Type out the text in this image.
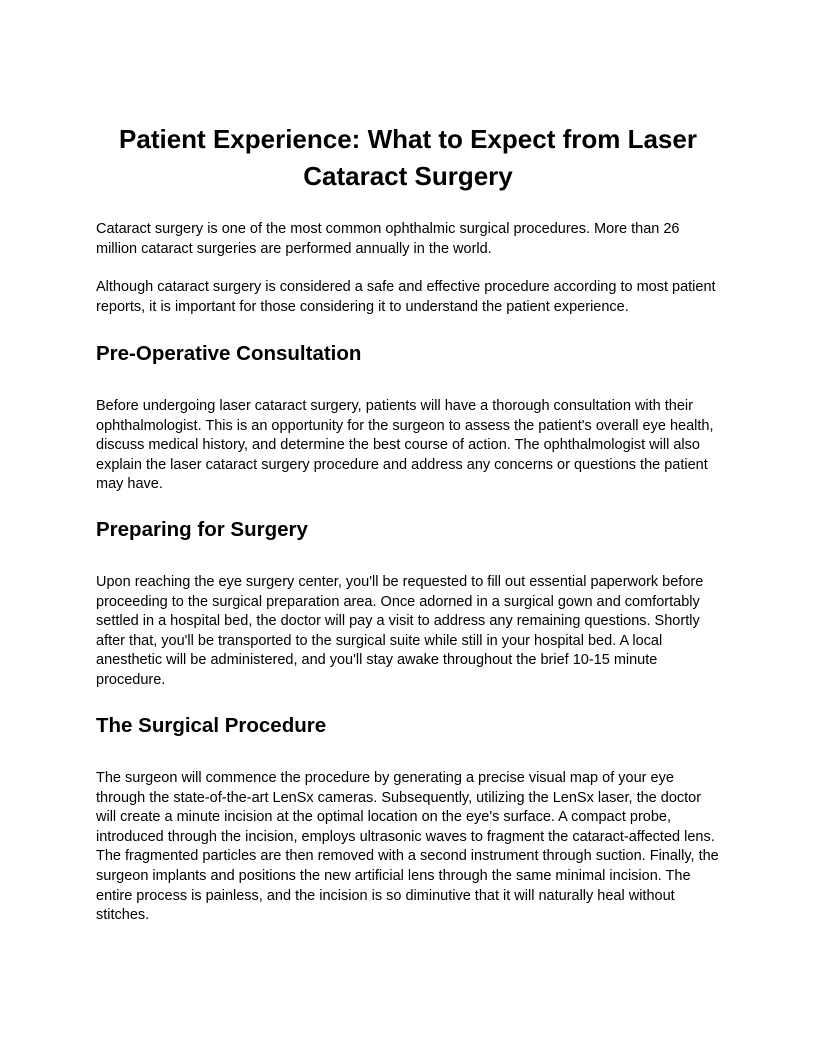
Patient Experience: What to Expect from Laser Cataract Surgery

Cataract surgery is one of the most common ophthalmic surgical procedures. More than 26 million cataract surgeries are performed annually in the world.

Although cataract surgery is considered a safe and effective procedure according to most patient reports, it is important for those considering it to understand the patient experience.

Pre-Operative Consultation

Before undergoing laser cataract surgery, patients will have a thorough consultation with their ophthalmologist. This is an opportunity for the surgeon to assess the patient's overall eye health, discuss medical history, and determine the best course of action. The ophthalmologist will also explain the laser cataract surgery procedure and address any concerns or questions the patient may have.

Preparing for Surgery

Upon reaching the eye surgery center, you'll be requested to fill out essential paperwork before proceeding to the surgical preparation area. Once adorned in a surgical gown and comfortably settled in a hospital bed, the doctor will pay a visit to address any remaining questions. Shortly after that, you'll be transported to the surgical suite while still in your hospital bed. A local anesthetic will be administered, and you'll stay awake throughout the brief 10-15 minute procedure.

The Surgical Procedure

The surgeon will commence the procedure by generating a precise visual map of your eye through the state-of-the-art LenSx cameras. Subsequently, utilizing the LenSx laser, the doctor will create a minute incision at the optimal location on the eye's surface. A compact probe, introduced through the incision, employs ultrasonic waves to fragment the cataract-affected lens. The fragmented particles are then removed with a second instrument through suction. Finally, the surgeon implants and positions the new artificial lens through the same minimal incision. The entire process is painless, and the incision is so diminutive that it will naturally heal without stitches.
